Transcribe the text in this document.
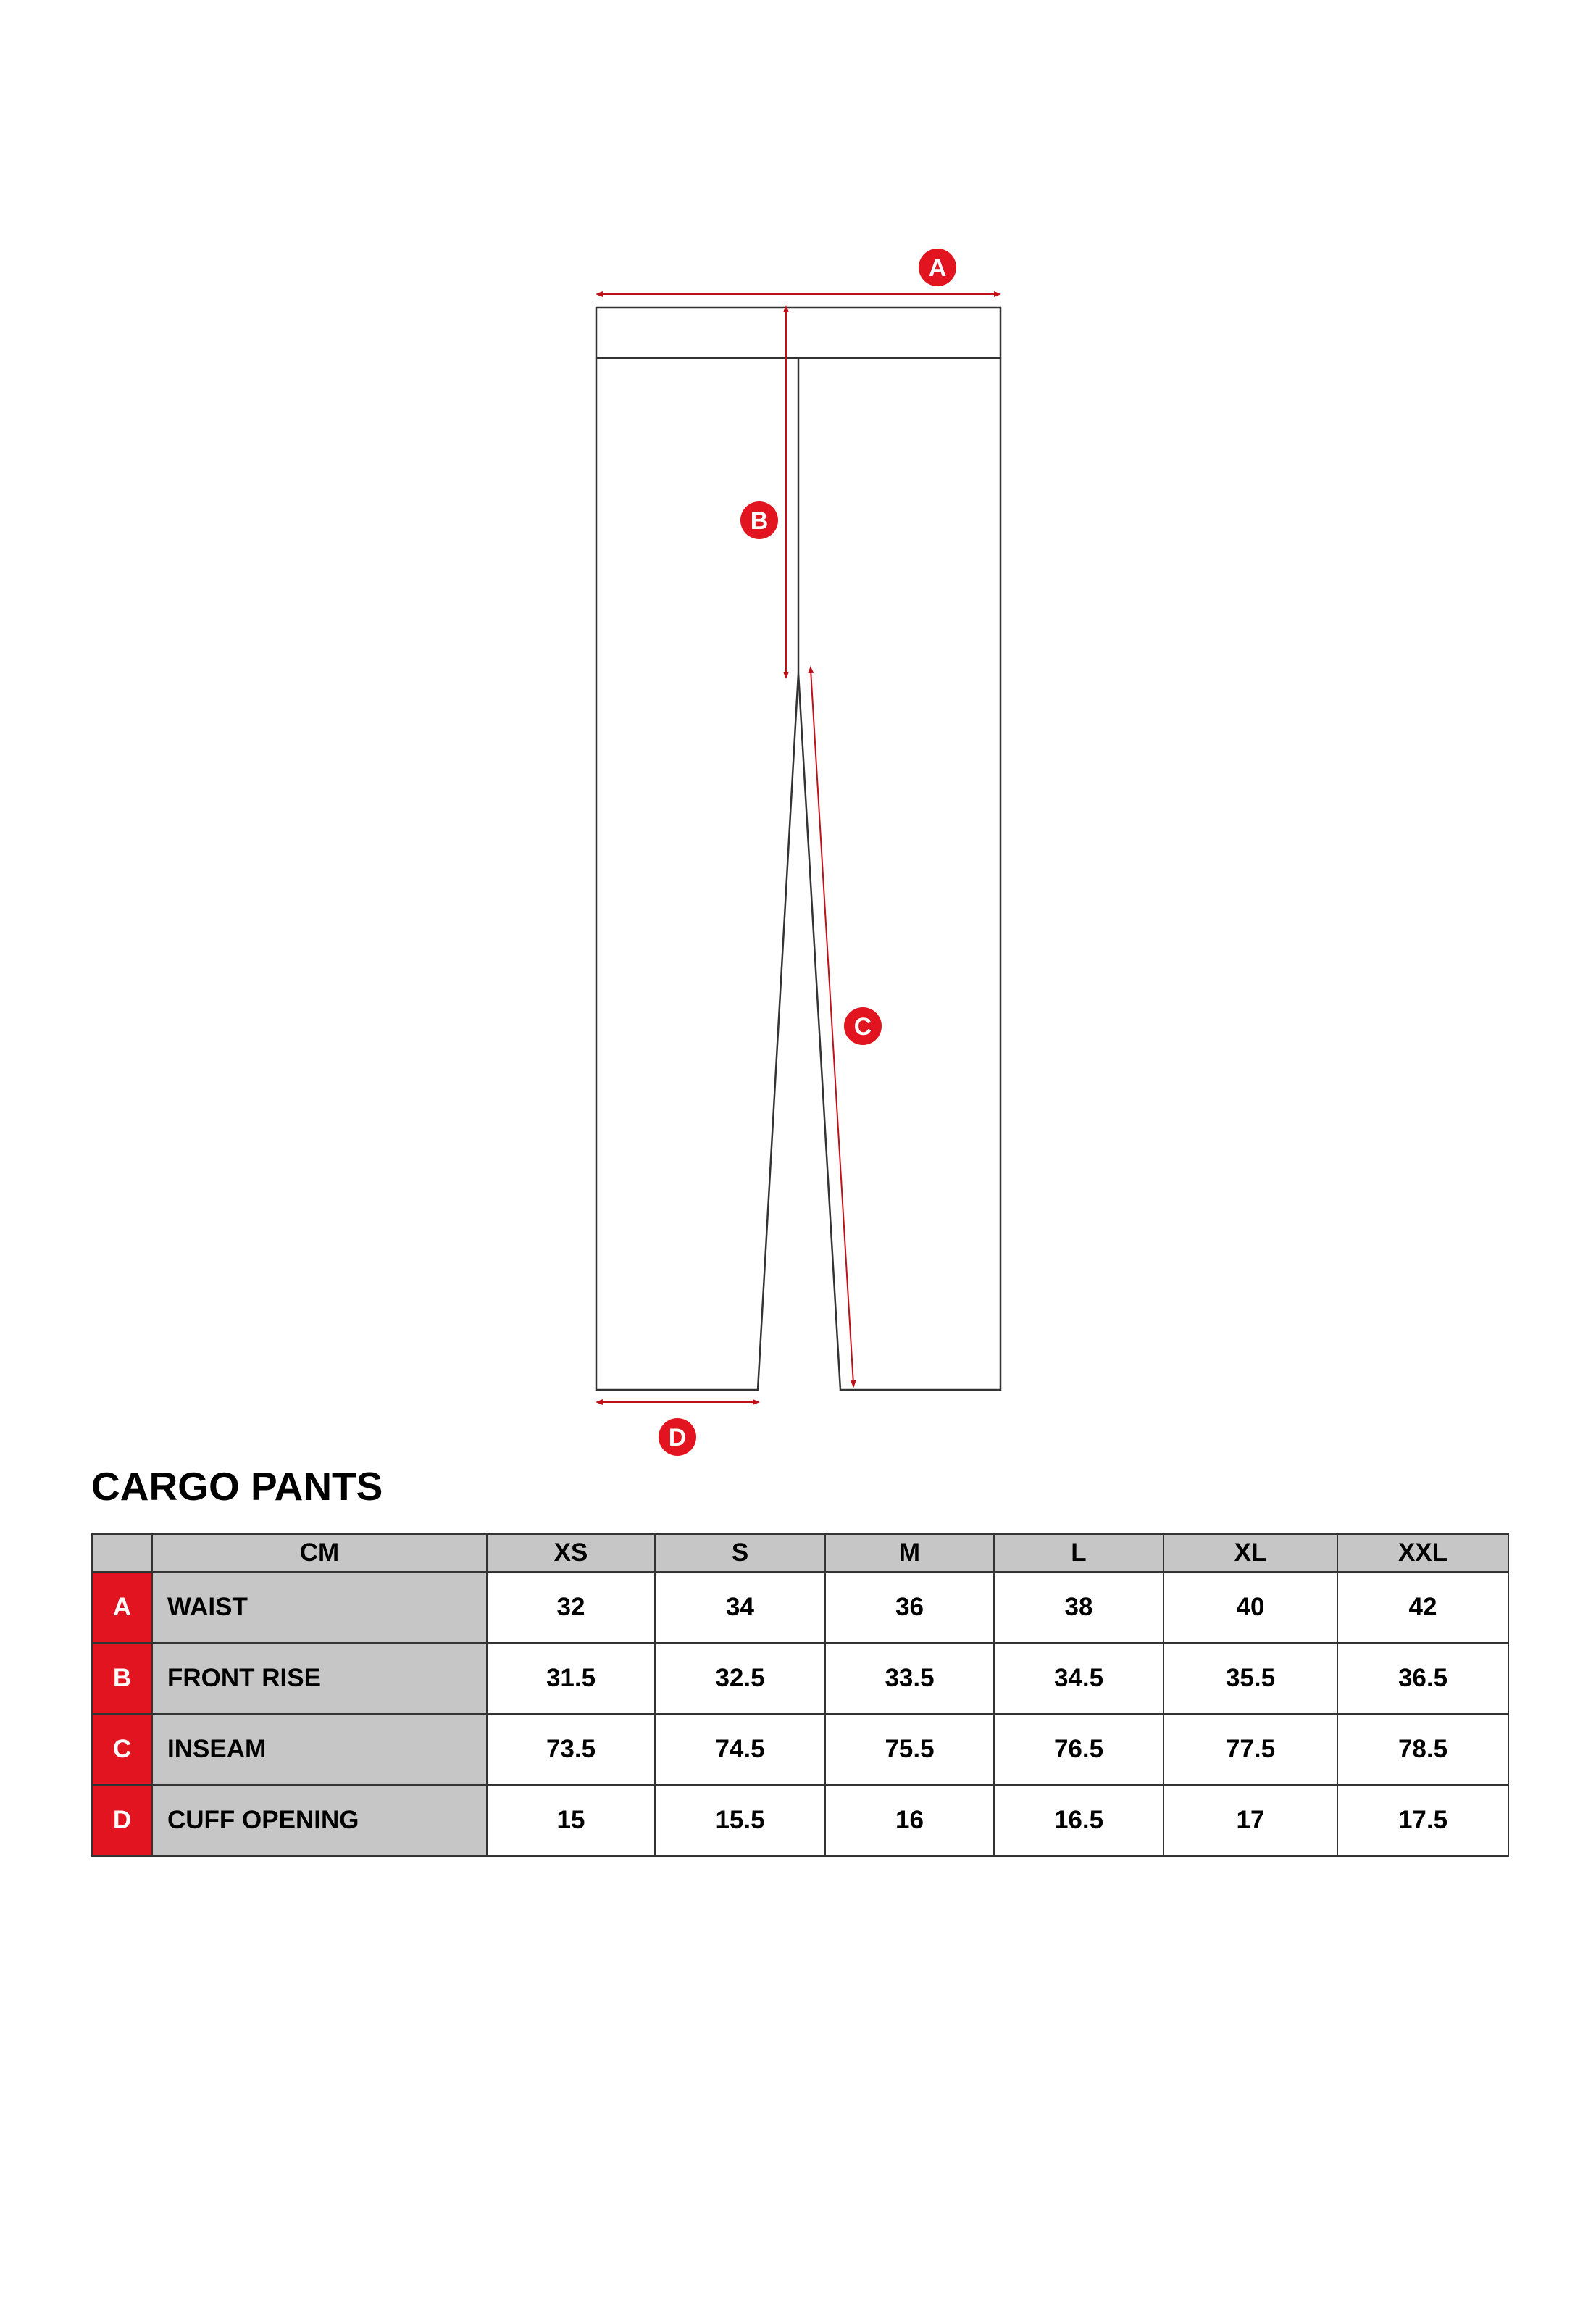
A
B
C
D
CARGO PANTS
	CM	XS	S	M	L	XL	XXL
A	WAIST	32	34	36	38	40	42
B	FRONT RISE	31.5	32.5	33.5	34.5	35.5	36.5
C	INSEAM	73.5	74.5	75.5	76.5	77.5	78.5
D	CUFF OPENING	15	15.5	16	16.5	17	17.5
